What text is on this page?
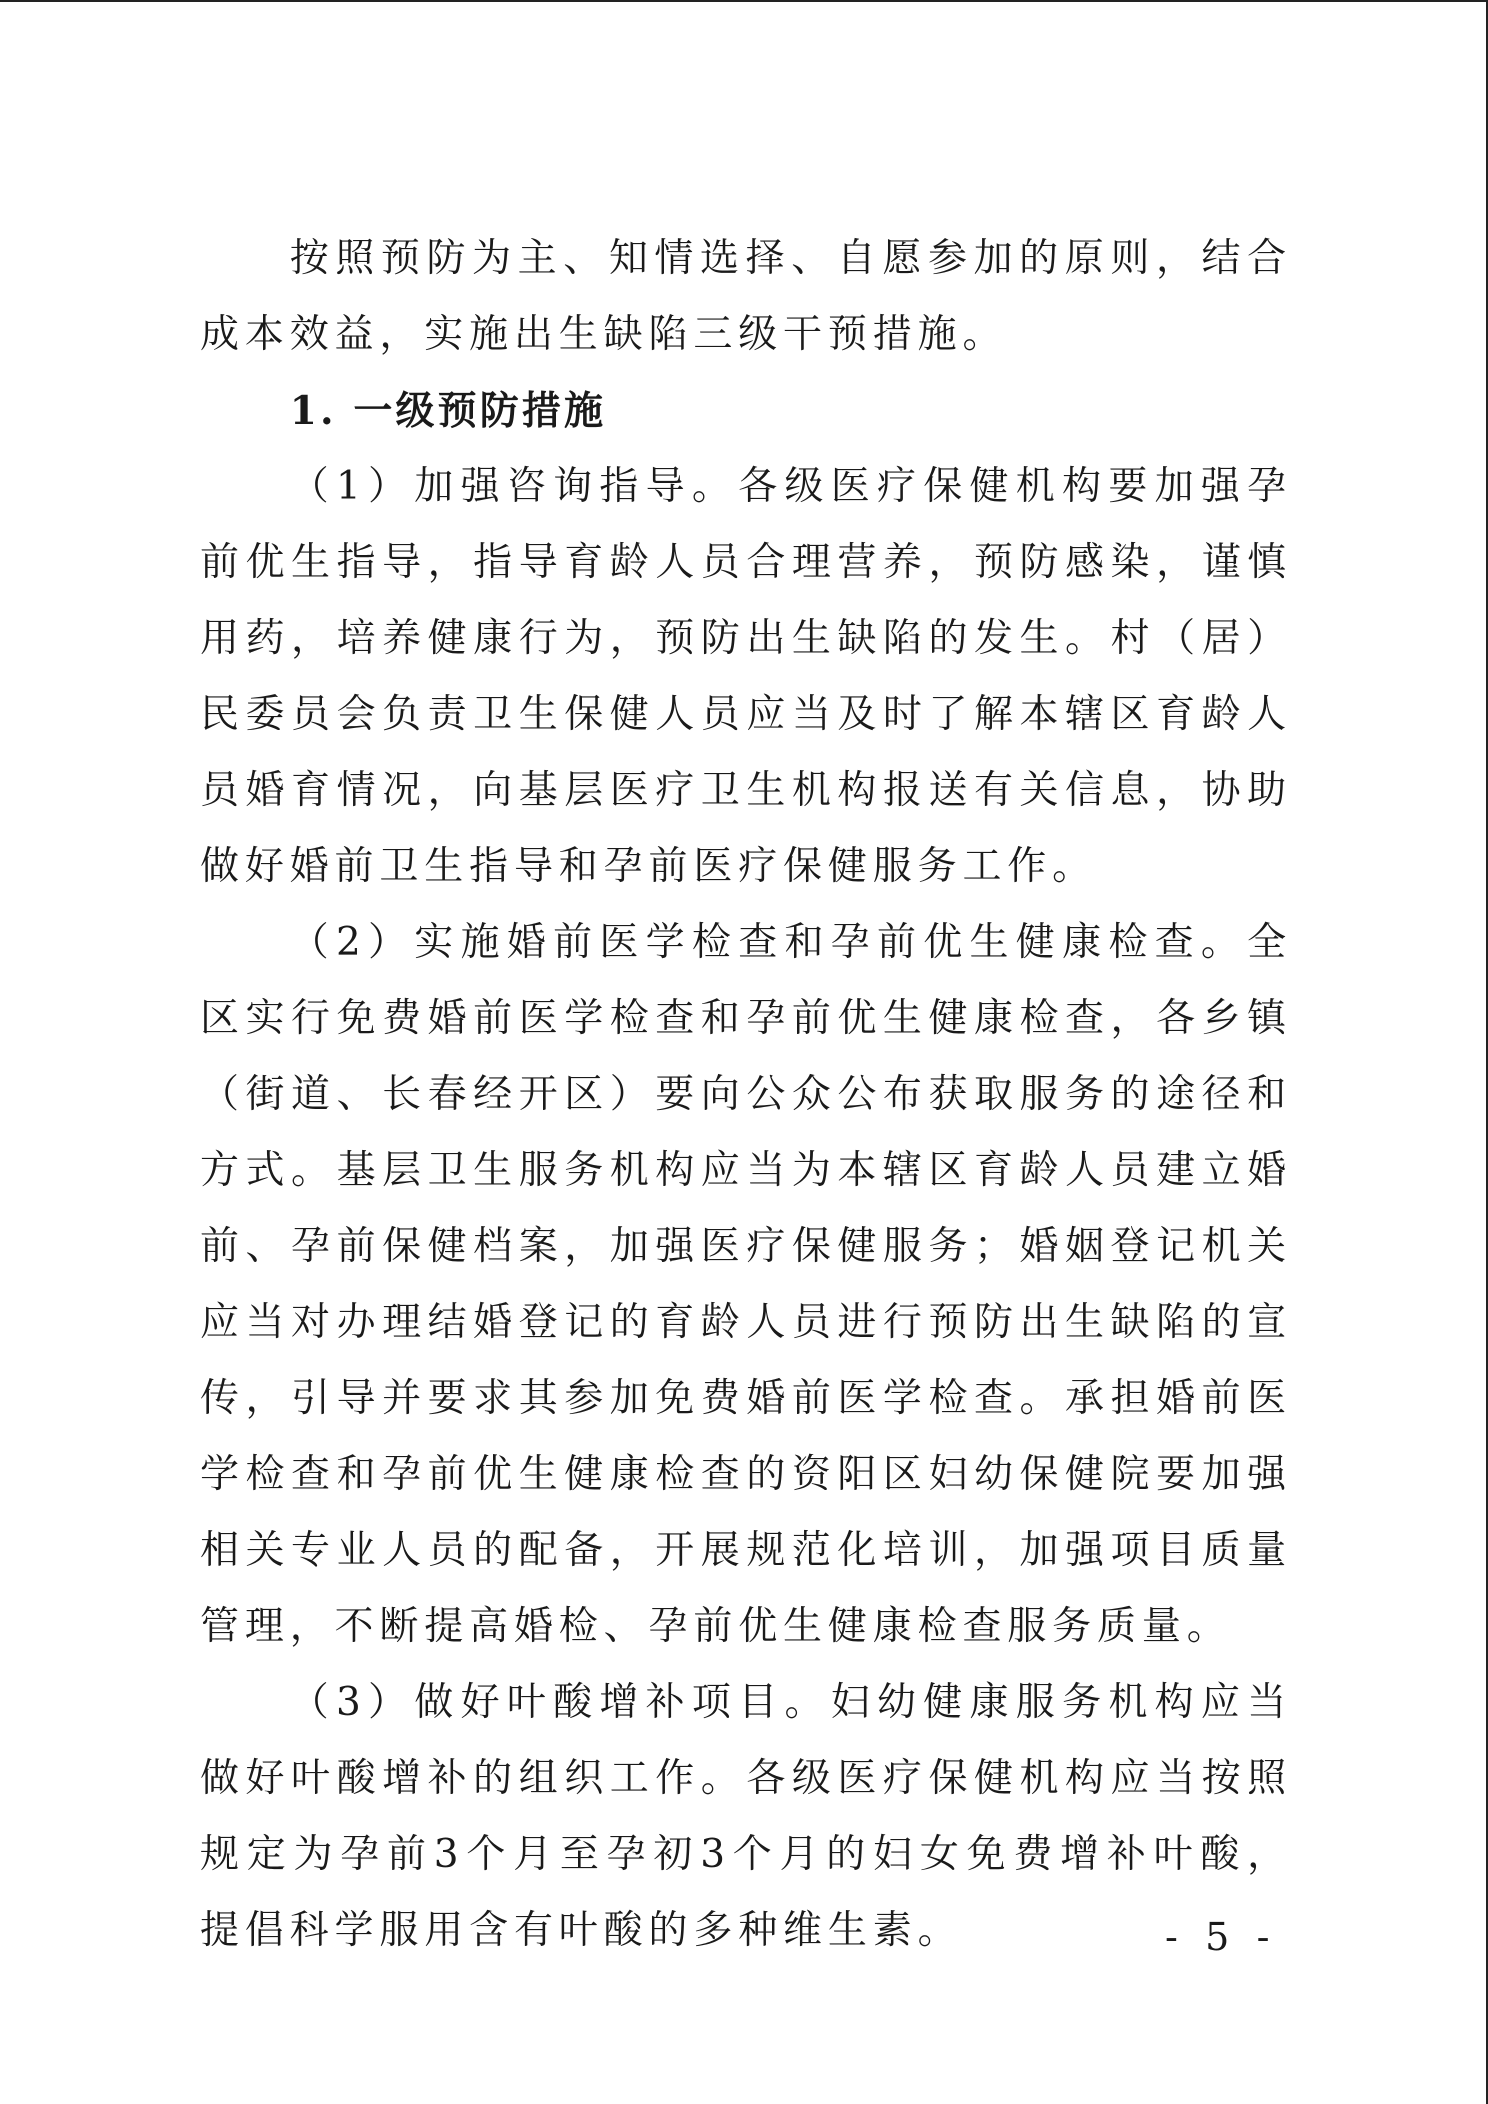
按照预防为主、知情选择、自愿参加的原则，结合成本效益，实施出生缺陷三级干预措施。

1. 一级预防措施

（1）加强咨询指导。各级医疗保健机构要加强孕前优生指导，指导育龄人员合理营养，预防感染，谨慎用药，培养健康行为，预防出生缺陷的发生。村（居）民委员会负责卫生保健人员应当及时了解本辖区育龄人员婚育情况，向基层医疗卫生机构报送有关信息，协助做好婚前卫生指导和孕前医疗保健服务工作。

（2）实施婚前医学检查和孕前优生健康检查。全区实行免费婚前医学检查和孕前优生健康检查，各乡镇（街道、长春经开区）要向公众公布获取服务的途径和方式。基层卫生服务机构应当为本辖区育龄人员建立婚前、孕前保健档案，加强医疗保健服务；婚姻登记机关应当对办理结婚登记的育龄人员进行预防出生缺陷的宣传，引导并要求其参加免费婚前医学检查。承担婚前医学检查和孕前优生健康检查的资阳区妇幼保健院要加强相关专业人员的配备，开展规范化培训，加强项目质量管理，不断提高婚检、孕前优生健康检查服务质量。

（3）做好叶酸增补项目。妇幼健康服务机构应当做好叶酸增补的组织工作。各级医疗保健机构应当按照规定为孕前3个月至孕初3个月的妇女免费增补叶酸，提倡科学服用含有叶酸的多种维生素。	- 5 -
